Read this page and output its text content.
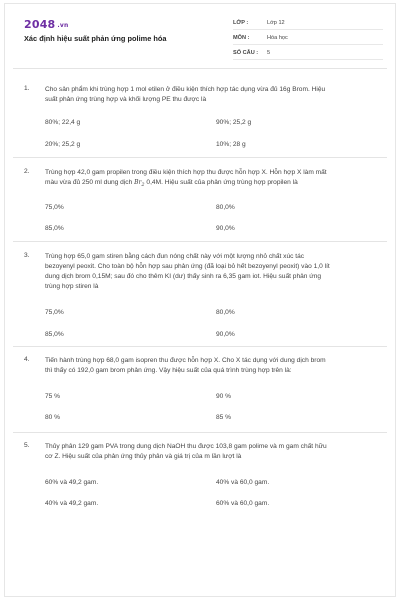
2048 .vn
Xác định hiệu suất phản ứng polime hóa
LỚP :	Lớp 12
MÔN :	Hóa học
SỐ CÂU : 5
1. Cho sản phẩm khi trùng hợp 1 mol etilen ở điều kiện thích hợp tác dụng vừa đủ 16g Brom. Hiệu
suất phản ứng trùng hợp và khối lượng PE thu được là
80%; 22,4 g	90%; 25,2 g
20%; 25,2 g	10%; 28 g
2. Trùng hợp 42,0 gam propilen trong điều kiện thích hợp thu được hỗn hợp X. Hỗn hợp X làm mất
màu vừa đủ 250 ml dung dịch $Br_2$ 0,4M. Hiệu suất của phản ứng trùng hợp propilen là
75,0%	80,0%
85,0%	90,0%
3. Trùng hợp 65,0 gam stiren bằng cách đun nóng chất này với một lượng nhỏ chất xúc tác
bezoyenyl peoxit. Cho toàn bộ hỗn hợp sau phản ứng (đã loại bỏ hết bezoyenyl peoxit) vào 1,0 lít
dung dịch brom 0,15M; sau đó cho thêm KI (dư) thấy sinh ra 6,35 gam iot. Hiệu suất phản ứng
trùng hợp stiren là
75,0%	80,0%
85,0%	90,0%
4. Tiến hành trùng hợp 68,0 gam isopren thu được hỗn hợp X. Cho X tác dụng với dung dịch brom
thì thấy có 192,0 gam brom phản ứng. Vậy hiệu suất của quá trình trùng hợp trên là:
75 %	90 %
80 %	85 %
5. Thủy phân 129 gam PVA trong dung dịch NaOH thu được 103,8 gam polime và m gam chất hữu
cơ Z. Hiệu suất của phản ứng thủy phân và giá trị của m lần lượt là
60% và 49,2 gam.	40% và 60,0 gam.
40% và 49,2 gam.	60% và 60,0 gam.
